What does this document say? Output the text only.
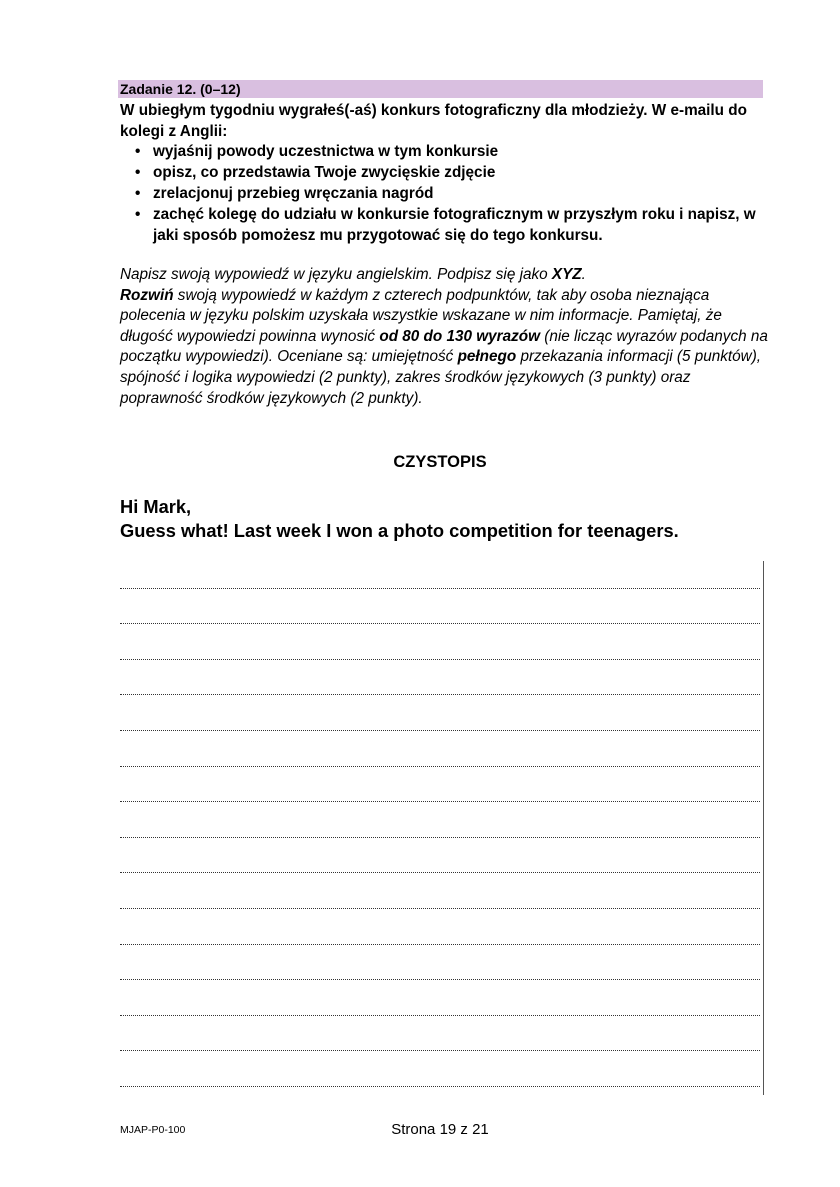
Zadanie 12. (0–12)
W ubiegłym tygodniu wygrałeś(-aś) konkurs fotograficzny dla młodzieży. W e-mailu do kolegi z Anglii:
• wyjaśnij powody uczestnictwa w tym konkursie
• opisz, co przedstawia Twoje zwycięskie zdjęcie
• zrelacjonuj przebieg wręczania nagród
• zachęć kolegę do udziału w konkursie fotograficznym w przyszłym roku i napisz, w jaki sposób pomożesz mu przygotować się do tego konkursu.

Napisz swoją wypowiedź w języku angielskim. Podpisz się jako XYZ.

Rozwiń swoją wypowiedź w każdym z czterech podpunktów, tak aby osoba nieznająca polecenia w języku polskim uzyskała wszystkie wskazane w nim informacje. Pamiętaj, że długość wypowiedzi powinna wynosić od 80 do 130 wyrazów (nie licząc wyrazów podanych na początku wypowiedzi). Oceniane są: umiejętność pełnego przekazania informacji (5 punktów), spójność i logika wypowiedzi (2 punkty), zakres środków językowych (3 punkty) oraz poprawność środków językowych (2 punkty).

CZYSTOPIS
Hi Mark,
Guess what! Last week I won a photo competition for teenagers.
MJAP-P0-100	Strona 19 z 21
